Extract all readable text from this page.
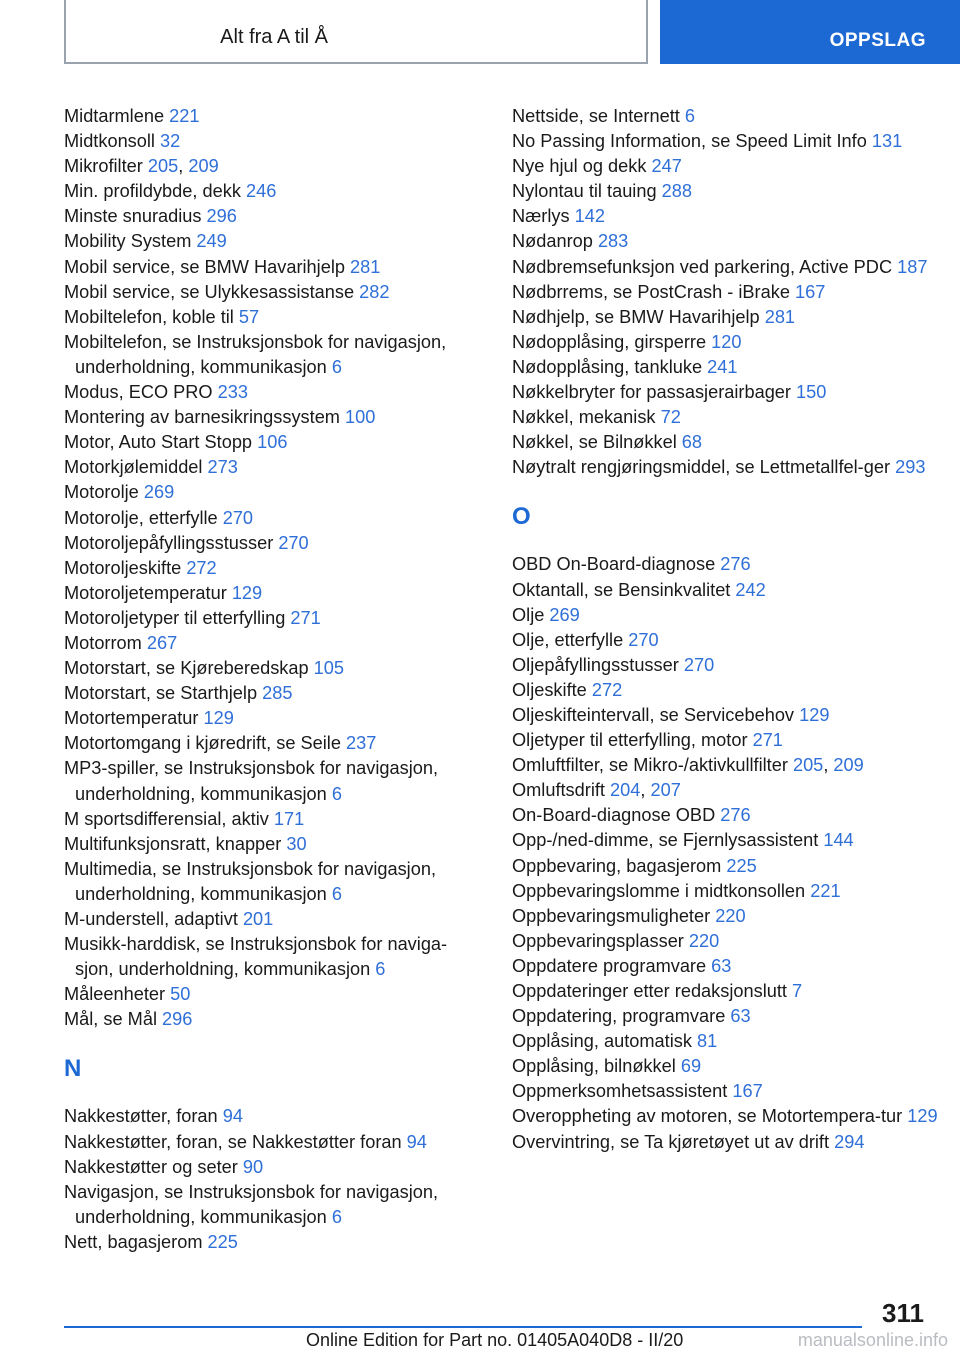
Alt fra A til Å	OPPSLAG
Midtarmlene 221
Midtkonsoll 32
Mikrofilter 205, 209
Min. profildybde, dekk 246
Minste snuradius 296
Mobility System 249
Mobil service, se BMW Havarihjelp 281
Mobil service, se Ulykkesassistanse 282
Mobiltelefon, koble til 57
Mobiltelefon, se Instruksjonsbok for navigasjon, underholdning, kommunikasjon 6
Modus, ECO PRO 233
Montering av barnesikringssystem 100
Motor, Auto Start Stopp 106
Motorkjølemiddel 273
Motorolje 269
Motorolje, etterfylle 270
Motoroljepåfyllingsstusser 270
Motoroljeskifte 272
Motoroljetemperatur 129
Motoroljetyper til etterfylling 271
Motorrom 267
Motorstart, se Kjøreberedskap 105
Motorstart, se Starthjelp 285
Motortemperatur 129
Motortomgang i kjøredrift, se Seile 237
MP3-spiller, se Instruksjonsbok for navigasjon, underholdning, kommunikasjon 6
M sportsdifferensial, aktiv 171
Multifunksjonsratt, knapper 30
Multimedia, se Instruksjonsbok for navigasjon, underholdning, kommunikasjon 6
M-understell, adaptivt 201
Musikk-harddisk, se Instruksjonsbok for naviga-sjon, underholdning, kommunikasjon 6
Måleenheter 50
Mål, se Mål 296
N
Nakkestøtter, foran 94
Nakkestøtter, foran, se Nakkestøtter foran 94
Nakkestøtter og seter 90
Navigasjon, se Instruksjonsbok for navigasjon, underholdning, kommunikasjon 6
Nett, bagasjerom 225
Nettside, se Internett 6
No Passing Information, se Speed Limit Info 131
Nye hjul og dekk 247
Nylontau til tauing 288
Nærlys 142
Nødanrop 283
Nødbremsefunksjon ved parkering, Active PDC 187
Nødbrrems, se PostCrash - iBrake 167
Nødhjelp, se BMW Havarihjelp 281
Nødopplåsing, girsperre 120
Nødopplåsing, tankluke 241
Nøkkelbryter for passasjerairbager 150
Nøkkel, mekanisk 72
Nøkkel, se Bilnøkkel 68
Nøytralt rengjøringsmiddel, se Lettmetallfel-ger 293
O
OBD On-Board-diagnose 276
Oktantall, se Bensinkvalitet 242
Olje 269
Olje, etterfylle 270
Oljepåfyllingsstusser 270
Oljeskifte 272
Oljeskifteintervall, se Servicebehov 129
Oljetyper til etterfylling, motor 271
Omluftfilter, se Mikro-/aktivkullfilter 205, 209
Omluftsdrift 204, 207
On-Board-diagnose OBD 276
Opp-/ned-dimme, se Fjernlysassistent 144
Oppbevaring, bagasjerom 225
Oppbevaringslomme i midtkonsollen 221
Oppbevaringsmuligheter 220
Oppbevaringsplasser 220
Oppdatere programvare 63
Oppdateringer etter redaksjonslutt 7
Oppdatering, programvare 63
Opplåsing, automatisk 81
Opplåsing, bilnøkkel 69
Oppmerksomhetsassistent 167
Overoppheting av motoren, se Motortempera-tur 129
Overvintring, se Ta kjøretøyet ut av drift 294
311
Online Edition for Part no. 01405A040D8 - II/20	manualsonline.info
